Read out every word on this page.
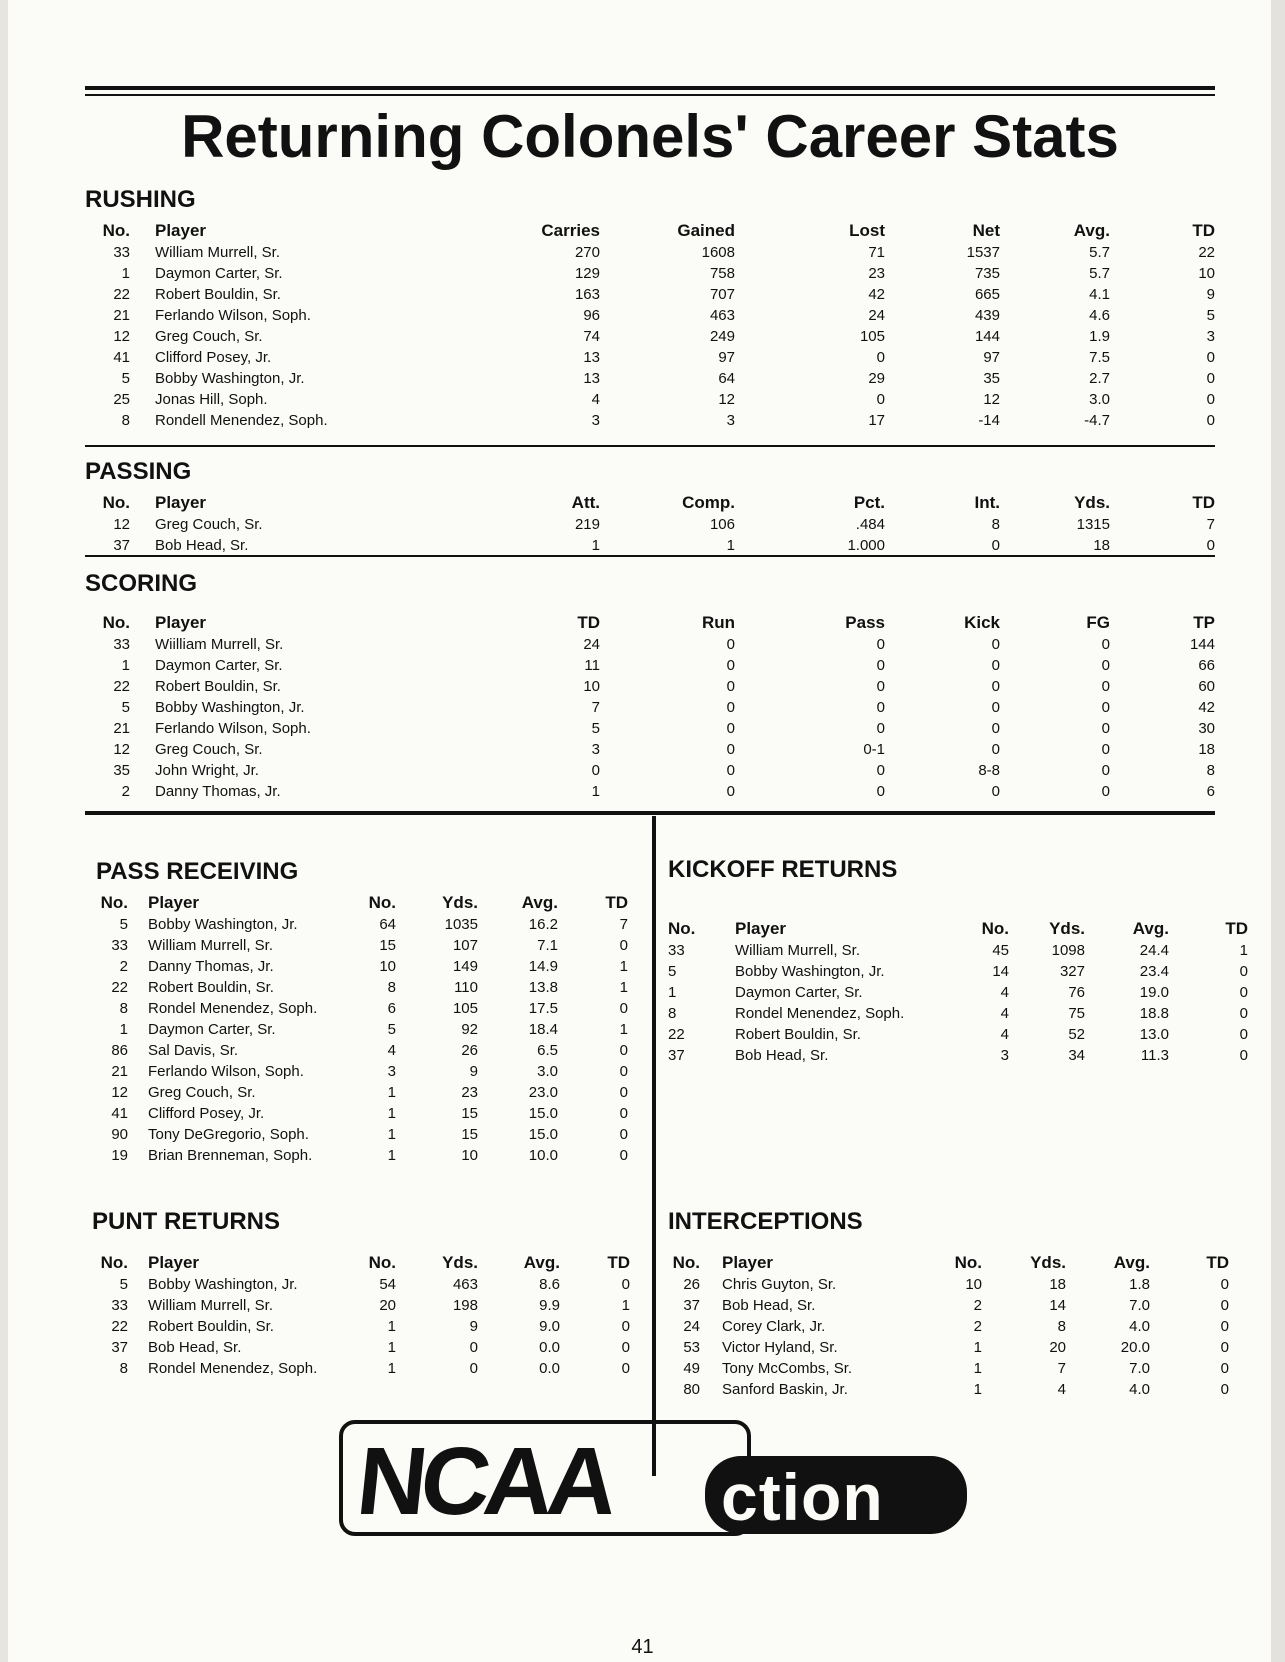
Returning Colonels' Career Stats
RUSHING
No.		Player	Carries	Gained	Lost	Net	Avg.	TD
33		William Murrell, Sr.	270	1608	71	1537	5.7	22
1		Daymon Carter, Sr.	129	758	23	735	5.7	10
22		Robert Bouldin, Sr.	163	707	42	665	4.1	9
21		Ferlando Wilson, Soph.	96	463	24	439	4.6	5
12		Greg Couch, Sr.	74	249	105	144	1.9	3
41		Clifford Posey, Jr.	13	97	0	97	7.5	0
5		Bobby Washington, Jr.	13	64	29	35	2.7	0
25		Jonas Hill, Soph.	4	12	0	12	3.0	0
8		Rondell Menendez, Soph.	3	3	17	-14	-4.7	0
PASSING
No.		Player	Att.	Comp.	Pct.	Int.	Yds.	TD
12		Greg Couch, Sr.	219	106	.484	8	1315	7
37		Bob Head, Sr.	1	1	1.000	0	18	0
SCORING
No.		Player	TD	Run	Pass	Kick	FG	TP
33		Wiilliam Murrell, Sr.	24	0	0	0	0	144
1		Daymon Carter, Sr.	11	0	0	0	0	66
22		Robert Bouldin, Sr.	10	0	0	0	0	60
5		Bobby Washington, Jr.	7	0	0	0	0	42
21		Ferlando Wilson, Soph.	5	0	0	0	0	30
12		Greg Couch, Sr.	3	0	0-1	0	0	18
35		John Wright, Jr.	0	0	0	8-8	0	8
2		Danny Thomas, Jr.	1	0	0	0	0	6
PASS RECEIVING
No.		Player	No.	Yds.	Avg.	TD
5		Bobby Washington, Jr.	64	1035	16.2	7
33		William Murrell, Sr.	15	107	7.1	0
2		Danny Thomas, Jr.	10	149	14.9	1
22		Robert Bouldin, Sr.	8	110	13.8	1
8		Rondel Menendez, Soph.	6	105	17.5	0
1		Daymon Carter, Sr.	5	92	18.4	1
86		Sal Davis, Sr.	4	26	6.5	0
21		Ferlando Wilson, Soph.	3	9	3.0	0
12		Greg Couch, Sr.	1	23	23.0	0
41		Clifford Posey, Jr.	1	15	15.0	0
90		Tony DeGregorio, Soph.	1	15	15.0	0
19		Brian Brenneman, Soph.	1	10	10.0	0
KICKOFF RETURNS
No.		Player	No.	Yds.	Avg.	TD
33		William Murrell, Sr.	45	1098	24.4	1
5		Bobby Washington, Jr.	14	327	23.4	0
1		Daymon Carter, Sr.	4	76	19.0	0
8		Rondel Menendez, Soph.	4	75	18.8	0
22		Robert Bouldin, Sr.	4	52	13.0	0
37		Bob Head, Sr.	3	34	11.3	0
PUNT RETURNS
No.		Player	No.	Yds.	Avg.	TD
5		Bobby Washington, Jr.	54	463	8.6	0
33		William Murrell, Sr.	20	198	9.9	1
22		Robert Bouldin, Sr.	1	9	9.0	0
37		Bob Head, Sr.	1	0	0.0	0
8		Rondel Menendez, Soph.	1	0	0.0	0
INTERCEPTIONS
No.		Player	No.	Yds.	Avg.	TD
26		Chris Guyton, Sr.	10	18	1.8	0
37		Bob Head, Sr.	2	14	7.0	0
24		Corey Clark, Jr.	2	8	4.0	0
53		Victor Hyland, Sr.	1	20	20.0	0
49		Tony McCombs, Sr.	1	7	7.0	0
80		Sanford Baskin, Jr.	1	4	4.0	0
NCAA ction
41
